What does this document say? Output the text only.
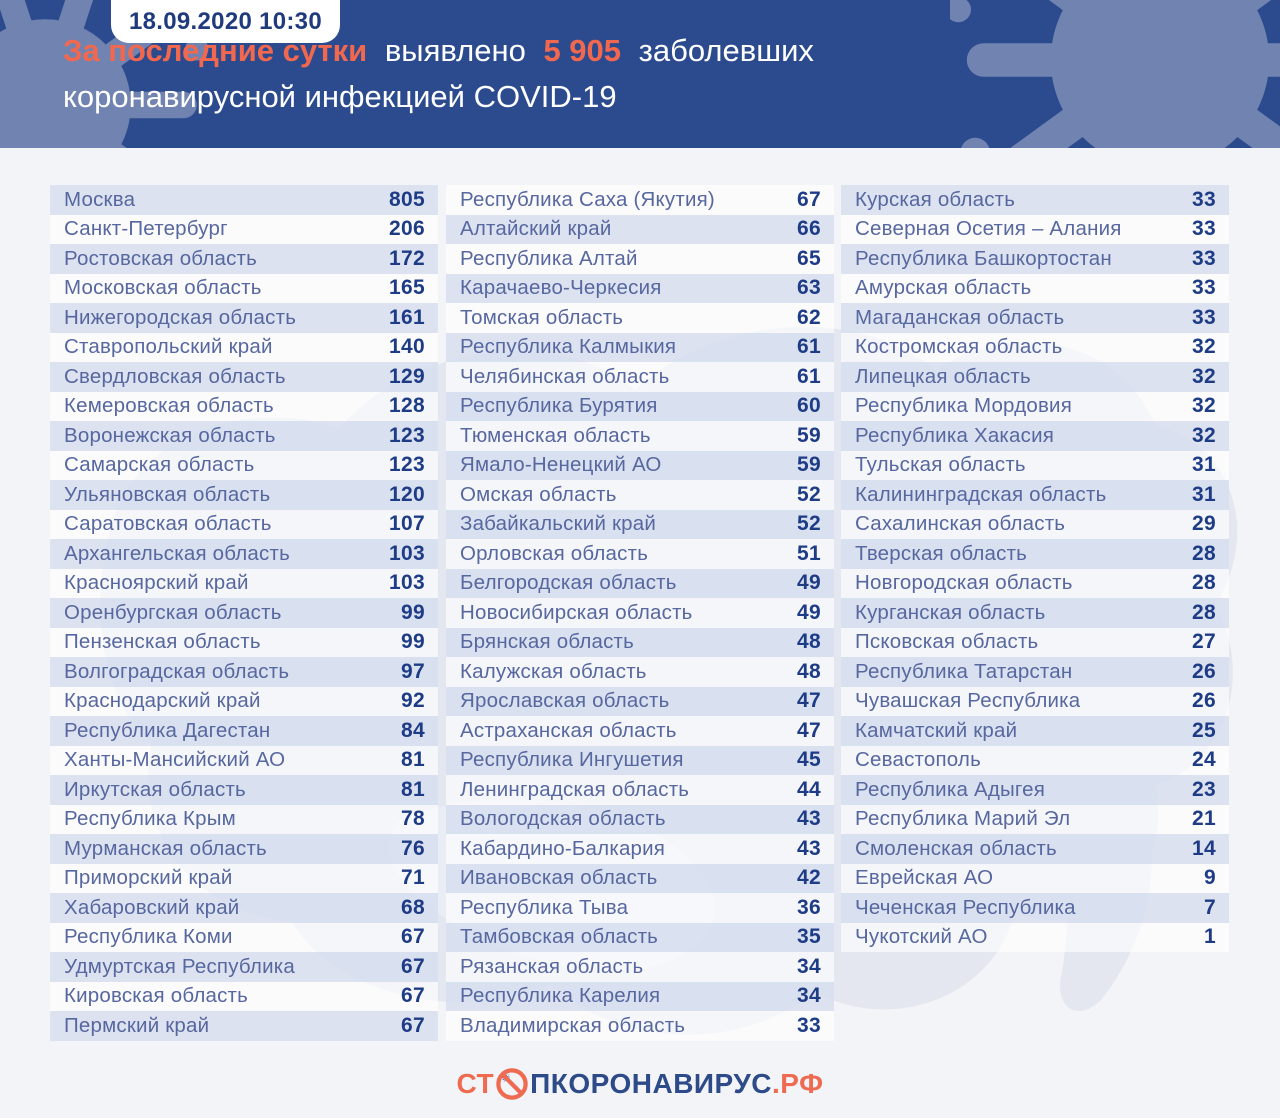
18.09.2020 10:30
За последние сутки выявлено 5 905 заболевших
коронавирусной инфекцией COVID-19
Москва	805
Санкт-Петербург	206
Ростовская область	172
Московская область	165
Нижегородская область	161
Ставропольский край	140
Свердловская область	129
Кемеровская область	128
Воронежская область	123
Самарская область	123
Ульяновская область	120
Саратовская область	107
Архангельская область	103
Красноярский край	103
Оренбургская область	99
Пензенская область	99
Волгоградская область	97
Краснодарский край	92
Республика Дагестан	84
Ханты-Мансийский АО	81
Иркутская область	81
Республика Крым	78
Мурманская область	76
Приморский край	71
Хабаровский край	68
Республика Коми	67
Удмуртская Республика	67
Кировская область	67
Пермский край	67
Республика Саха (Якутия)	67
Алтайский край	66
Республика Алтай	65
Карачаево-Черкесия	63
Томская область	62
Республика Калмыкия	61
Челябинская область	61
Республика Бурятия	60
Тюменская область	59
Ямало-Ненецкий АО	59
Омская область	52
Забайкальский край	52
Орловская область	51
Белгородская область	49
Новосибирская область	49
Брянская область	48
Калужская область	48
Ярославская область	47
Астраханская область	47
Республика Ингушетия	45
Ленинградская область	44
Вологодская область	43
Кабардино-Балкария	43
Ивановская область	42
Республика Тыва	36
Тамбовская область	35
Рязанская область	34
Республика Карелия	34
Владимирская область	33
Курская область	33
Северная Осетия – Алания	33
Республика Башкортостан	33
Амурская область	33
Магаданская область	33
Костромская область	32
Липецкая область	32
Республика Мордовия	32
Республика Хакасия	32
Тульская область	31
Калининградская область	31
Сахалинская область	29
Тверская область	28
Новгородская область	28
Курганская область	28
Псковская область	27
Республика Татарстан	26
Чувашская Республика	26
Камчатский край	25
Севастополь	24
Республика Адыгея	23
Республика Марий Эл	21
Смоленская область	14
Еврейская АО	9
Чеченская Республика	7
Чукотский АО	1
СТ ПКОРОНАВИРУС .РФ
